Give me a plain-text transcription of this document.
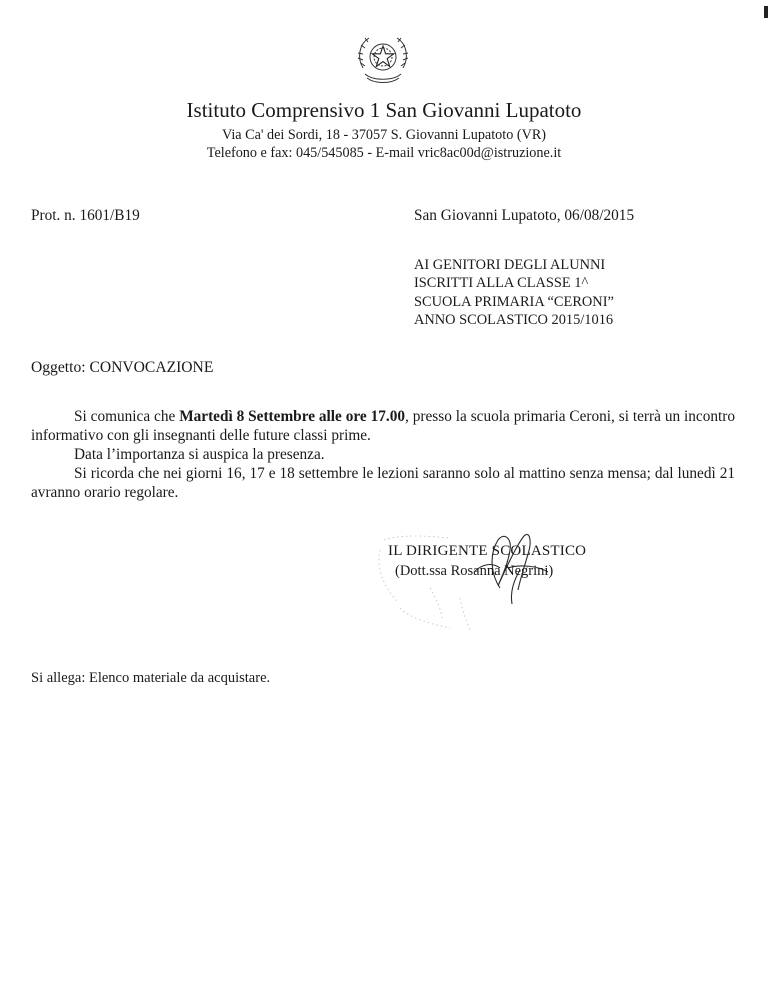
Istituto Comprensivo 1 San Giovanni Lupatoto
Via Ca' dei Sordi, 18 - 37057 S. Giovanni Lupatoto (VR)
Telefono e fax: 045/545085 - E-mail vric8ac00d@istruzione.it
Prot. n. 1601/B19	San Giovanni Lupatoto, 06/08/2015
AI GENITORI DEGLI ALUNNI
ISCRITTI ALLA CLASSE 1^
SCUOLA PRIMARIA “CERONI”
ANNO SCOLASTICO 2015/1016
Oggetto: CONVOCAZIONE

Si comunica che Martedì 8 Settembre alle ore 17.00, presso la scuola primaria Ceroni, si terrà un incontro informativo con gli insegnanti delle future classi prime.

Data l’importanza si auspica la presenza.

Si ricorda che nei giorni 16, 17 e 18 settembre le lezioni saranno solo al mattino senza mensa; dal lunedì 21 avranno orario regolare.

IL DIRIGENTE SCOLASTICO
(Dott.ssa Rosanna Negrini)
Si allega: Elenco materiale da acquistare.
